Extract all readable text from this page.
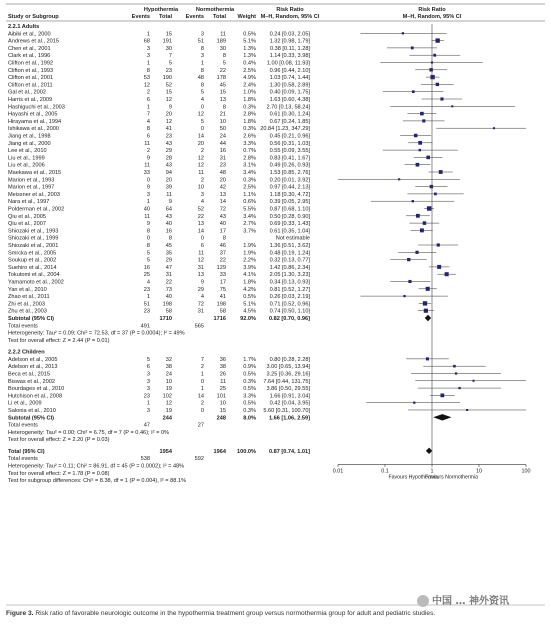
Hypothermia	Normothermia	Risk Ratio	Risk Ratio
Study or Subgroup	Events Total Events Total Weight M–H, Random, 95% CI	M–H, Random, 95% CI
2.2.1 Adults
Aibiki et al., 2000	1	15	3	11	0.5% 0.24 [0.03, 2.05]
Andrews et al., 2015	68 191	51 189	5.1% 1.32 [0.98, 1.79]
Chen et al., 2001	3	30	8	30	1.3% 0.38 [0.11, 1.28]
Clark et al., 1996	3	7	3	8	1.3% 1.14 [0.33, 3.98]
Clifton et al., 1992	1	5	1	5	0.4% 1.00 [0.08, 11.93]
Clifton et al., 1993	8	23	8	22	2.5% 0.96 [0.44, 2.10]
Clifton et al., 2001	53 190	48 178	4.9% 1.03 [0.74, 1.44]
Clifton et al., 2011	12	52	8	45	2.4% 1.30 [0.58, 2.89]
Gal et al., 2002	2	15	5	15	1.0% 0.40 [0.09, 1.75]
Harris et al., 2009	6	12	4	13	1.8% 1.63 [0.60, 4.38]
Hashiguchi et al., 2003	1	9	0	8	0.3% 2.70 [0.13, 58.24]
Hayashi et al., 2005	7	20	12	21	2.8% 0.61 [0.30, 1.24]
Hirayama et al., 1994	4	12	5	10	1.8% 0.67 [0.24, 1.85]
Ishikawa et al., 2000	8	41	0	50	0.3% 20.84 [1.23, 347.29]
Jiang et al., 1998	6	23	14	24	2.6% 0.45 [0.21, 0.96]
Jiang et al., 2000	11	43	20	44	3.3% 0.56 [0.31, 1.03]
Lee et al., 2010	2	29	2	16	0.7% 0.55 [0.09, 3.55]
Liu et al., 1999	9	28	12	31	2.8% 0.83 [0.41, 1.67]
Liu et al., 2006	11	43	12	23	3.1% 0.49 [0.26, 0.93]
Maekawa et al., 2015	33	94	11	48	3.4% 1.53 [0.85, 2.76]
Marion et al., 1993	0	20	2	20	0.3% 0.20 [0.01, 3.92]
Marion et al., 1997	9	39	10	42	2.5% 0.97 [0.44, 2.13]
Meissner et al., 2003	3	11	3	13	1.1% 1.18 [0.30, 4.72]
Nara et al., 1997	1	9	4	14	0.6% 0.39 [0.05, 2.95]
Polderman et al., 2002	40	64	52	72	5.5% 0.87 [0.68, 1.10]
Qiu et al., 2005	11	43	22	43	3.4% 0.50 [0.28, 0.90]
Qiu et al., 2007	9	40	13	40	2.7% 0.69 [0.33, 1.43]
Shiozaki et al., 1993	8	16	14	17	3.7% 0.61 [0.35, 1.04]
Shiozaki et al., 1999	0	8	0	8	Not estimable
Shiozaki et al., 2001	8	45	6	46	1.9% 1.36 [0.51, 3.62]
Smrcka et al., 2005	5	35	11	37	1.9% 0.48 [0.19, 1.24]
Soukup et al., 2002	5	29	12	22	2.2% 0.32 [0.13, 0.77]
Suehiro et al., 2014	16	47	31 129	3.9% 1.42 [0.86, 2.34]
Tokutomi et al., 2004	25	31	13	33	4.1% 2.05 [1.30, 3.23]
Yamamoto et al., 2002	4	22	9	17	1.8% 0.34 [0.13, 0.93]
Yan et al., 2010	23	73	29	75	4.2% 0.81 [0.52, 1.27]
Zhao et al., 2011	1	40	4	41	0.5% 0.26 [0.03, 2.19]
Zhi et al., 2003	51 198	72 198	5.1% 0.71 [0.52, 0.96]
Zhu et al., 2003	23	58	31	58	4.5% 0.74 [0.50, 1.10]
Subtotal (95% CI)	1710	1716	92.0% 0.82 [0.70, 0.96]
Total events	491	565
Heterogeneity: Tau² = 0.09; Chi² = 72.53, df = 37 (P = 0.0004); I² = 49%
Test for overall effect: Z = 2.44 (P = 0.01)
2.2.2 Children
Adelson et al., 2005	5	32	7	36	1.7% 0.80 [0.28, 2.28]
Adelson et al., 2013	6	38	2	38	0.9% 3.00 [0.65, 13.94]
Beca et al., 2015	3	24	1	26	0.5% 3.25 [0.36, 29.16]
Biswas et al., 2002	3	10	0	11	0.3% 7.64 [0.44, 131.75]
Bourdages et al., 2010	3	19	1	25	0.5% 3.86 [0.50, 29.55]
Hutchison et al., 2008	23 102	14 101	3.3% 1.66 [0.91, 3.04]
Li et al., 2009	1	12	2	10	0.5% 0.42 [0.04, 3.95]
Salonia et al., 2010	3	19	0	15	0.3% 5.60 [0.31, 100.70]
Subtotal (95% CI)	244	248	8.0% 1.66 [1.06, 2.59]
Total events	47	27
Heterogeneity: Tau² = 0.00; Chi² = 6.75, df = 7 (P = 0.46); I² = 0%
Test for overall effect: Z = 2.20 (P = 0.03)
Total (95% CI)	1954	1964 100.0% 0.87 [0.74, 1.01]
Total events	538	592
Heterogeneity: Tau² = 0.11; Chi² = 86.91, df = 45 (P = 0.0002); I² = 48%
Test for overall effect: Z = 1.78 (P = 0.08)
Test for subgroup differences: Chi² = 8.38, df = 1 (P = 0.004), I² = 88.1%
0.01	0.1	1	10	100
Favours Hypothermia
Favours Normothermia
中国 … 神外资讯
Figure 3. Risk ratio of favorable neurologic outcome in the hypothermia treatment group versus normothermia group for adult and pediatric studies.
